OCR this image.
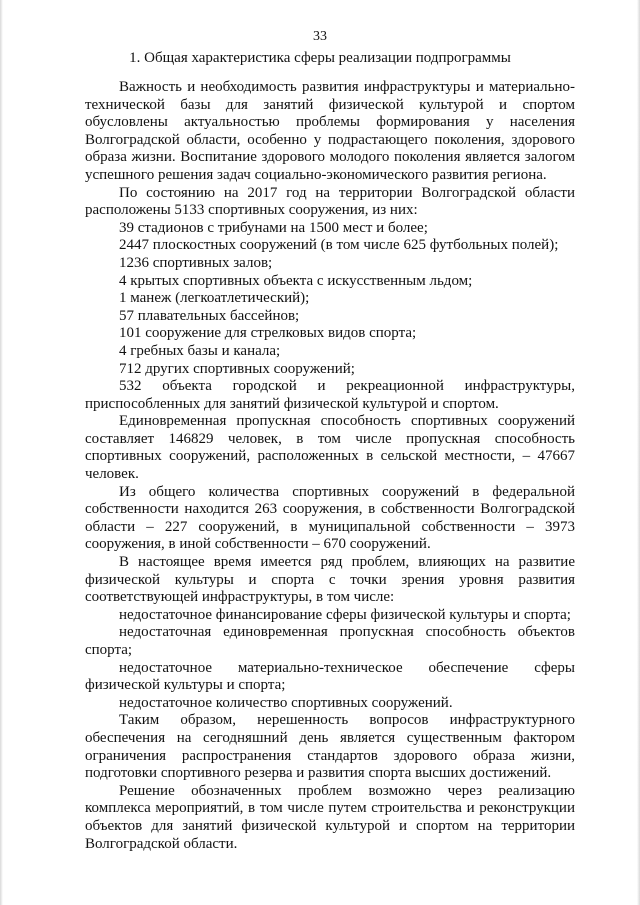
33
1. Общая характеристика сферы реализации подпрограммы

Важность и необходимость развития инфраструктуры и материально-технической базы для занятий физической культурой и спортом обусловлены актуальностью проблемы формирования у населения Волгоградской области, особенно у подрастающего поколения, здорового образа жизни. Воспитание здорового молодого поколения является залогом успешного решения задач социально-экономического развития региона.

По состоянию на 2017 год на территории Волгоградской области расположены 5133 спортивных сооружения, из них:

39 стадионов с трибунами на 1500 мест и более;

2447 плоскостных сооружений (в том числе 625 футбольных полей);

1236 спортивных залов;

4 крытых спортивных объекта с искусственным льдом;

1 манеж (легкоатлетический);

57 плавательных бассейнов;

101 сооружение для стрелковых видов спорта;

4 гребных базы и канала;

712 других спортивных сооружений;

532 объекта городской и рекреационной инфраструктуры, приспособленных для занятий физической культурой и спортом.

Единовременная пропускная способность спортивных сооружений составляет 146829 человек, в том числе пропускная способность спортивных сооружений, расположенных в сельской местности, – 47667 человек.

Из общего количества спортивных сооружений в федеральной собственности находится 263 сооружения, в собственности Волгоградской области – 227 сооружений, в муниципальной собственности – 3973 сооружения, в иной собственности – 670 сооружений.

В настоящее время имеется ряд проблем, влияющих на развитие физической культуры и спорта с точки зрения уровня развития соответствующей инфраструктуры, в том числе:

недостаточное финансирование сферы физической культуры и спорта;

недостаточная единовременная пропускная способность объектов спорта;

недостаточное материально-техническое обеспечение сферы физической культуры и спорта;

недостаточное количество спортивных сооружений.

Таким образом, нерешенность вопросов инфраструктурного обеспечения на сегодняшний день является существенным фактором ограничения распространения стандартов здорового образа жизни, подготовки спортивного резерва и развития спорта высших достижений.

Решение обозначенных проблем возможно через реализацию комплекса мероприятий, в том числе путем строительства и реконструкции объектов для занятий физической культурой и спортом на территории Волгоградской области.
